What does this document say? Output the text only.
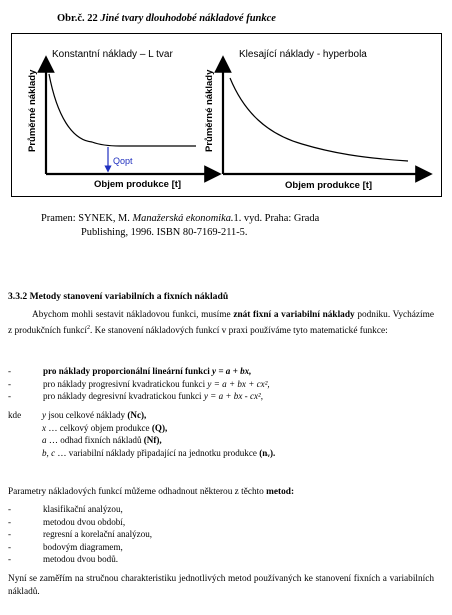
Obr.č. 22 Jiné tvary dlouhodobé nákladové funkce
Konstantní náklady – L tvar
Průměrné náklady
Qopt
Klesající náklady - hyperbola
Průměrné náklady
Objem produkce [t]	Objem produkce [t]
Pramen: SYNEK, M. Manažerská ekonomika.1. vyd. Praha: Grada
Publishing, 1996. ISBN 80-7169-211-5.
3.3.2 Metody stanovení variabilních a fixních nákladů
Abychom mohli sestavit nákladovou funkci, musíme znát fixní a variabilní náklady podniku. Vycházíme z produkčních funkcí$^2$. Ke stanovení nákladových funkcí v praxi používáme tyto matematické funkce:
-	pro náklady proporcionální lineární funkci y = a + bx,
-	pro náklady progresivní kvadratickou funkci y = a + bx + cx²,
-	pro náklady degresivní kvadratickou funkci y = a + bx - cx²,
kde	y jsou celkové náklady (Nc),
x … celkový objem produkce (Q),
a … odhad fixních nákladů (Nf),
b, c … variabilní náklady připadající na jednotku produkce (nᵥ).
Parametry nákladových funkcí můžeme odhadnout některou z těchto metod:
-	klasifikační analýzou,
-	metodou dvou období,
-	regresní a korelační analýzou,
-	bodovým diagramem,
-	metodou dvou bodů.
Nyní se zaměřím na stručnou charakteristiku jednotlivých metod používaných ke stanovení fixních a variabilních nákladů.
